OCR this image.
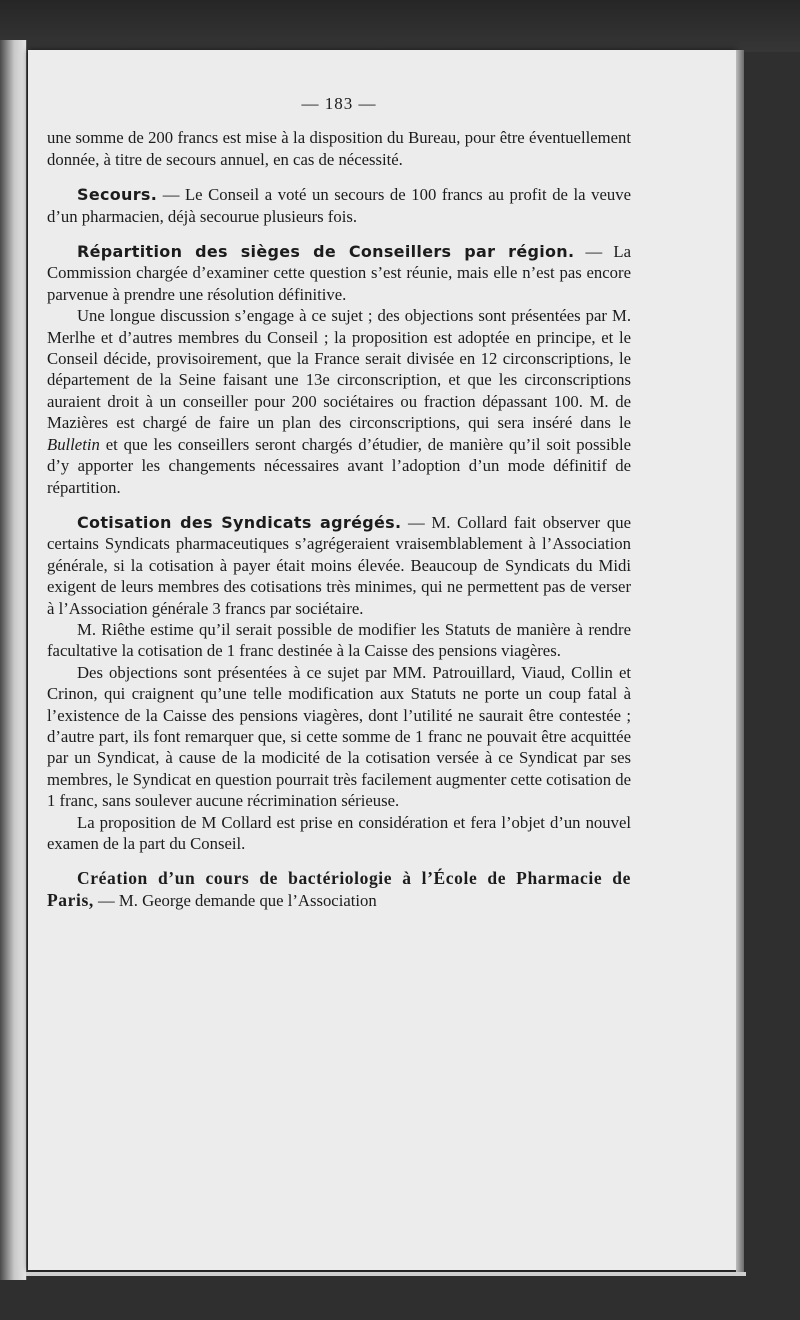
— 183 —

une somme de 200 francs est mise à la disposition du Bureau, pour être éventuellement donnée, à titre de secours annuel, en cas de nécessité.

Secours. — Le Conseil a voté un secours de 100 francs au profit de la veuve d’un pharmacien, déjà secourue plusieurs fois.

Répartition des sièges de Conseillers par région. — La Commission chargée d’examiner cette question s’est réunie, mais elle n’est pas encore parvenue à prendre une résolution définitive.

Une longue discussion s’engage à ce sujet ; des objections sont présentées par M. Merlhe et d’autres membres du Conseil ; la proposition est adoptée en principe, et le Conseil décide, provisoirement, que la France serait divisée en 12 circonscriptions, le département de la Seine faisant une 13e circonscription, et que les circonscriptions auraient droit à un conseiller pour 200 sociétaires ou fraction dépassant 100. M. de Mazières est chargé de faire un plan des circonscriptions, qui sera inséré dans le Bulletin et que les conseillers seront chargés d’étudier, de manière qu’il soit possible d’y apporter les changements nécessaires avant l’adoption d’un mode définitif de répartition.

Cotisation des Syndicats agrégés. — M. Collard fait observer que certains Syndicats pharmaceutiques s’agrégeraient vraisemblablement à l’Association générale, si la cotisation à payer était moins élevée. Beaucoup de Syndicats du Midi exigent de leurs membres des cotisations très minimes, qui ne permettent pas de verser à l’Association générale 3 francs par sociétaire.

M. Riêthe estime qu’il serait possible de modifier les Statuts de manière à rendre facultative la cotisation de 1 franc destinée à la Caisse des pensions viagères.

Des objections sont présentées à ce sujet par MM. Patrouillard, Viaud, Collin et Crinon, qui craignent qu’une telle modification aux Statuts ne porte un coup fatal à l’existence de la Caisse des pensions viagères, dont l’utilité ne saurait être contestée ; d’autre part, ils font remarquer que, si cette somme de 1 franc ne pouvait être acquittée par un Syndicat, à cause de la modicité de la cotisation versée à ce Syndicat par ses membres, le Syndicat en question pourrait très facilement augmenter cette cotisation de 1 franc, sans soulever aucune récrimination sérieuse.

La proposition de M Collard est prise en considération et fera l’objet d’un nouvel examen de la part du Conseil.

Création d’un cours de bactériologie à l’École de Pharmacie de Paris, — M. George demande que l’Association
